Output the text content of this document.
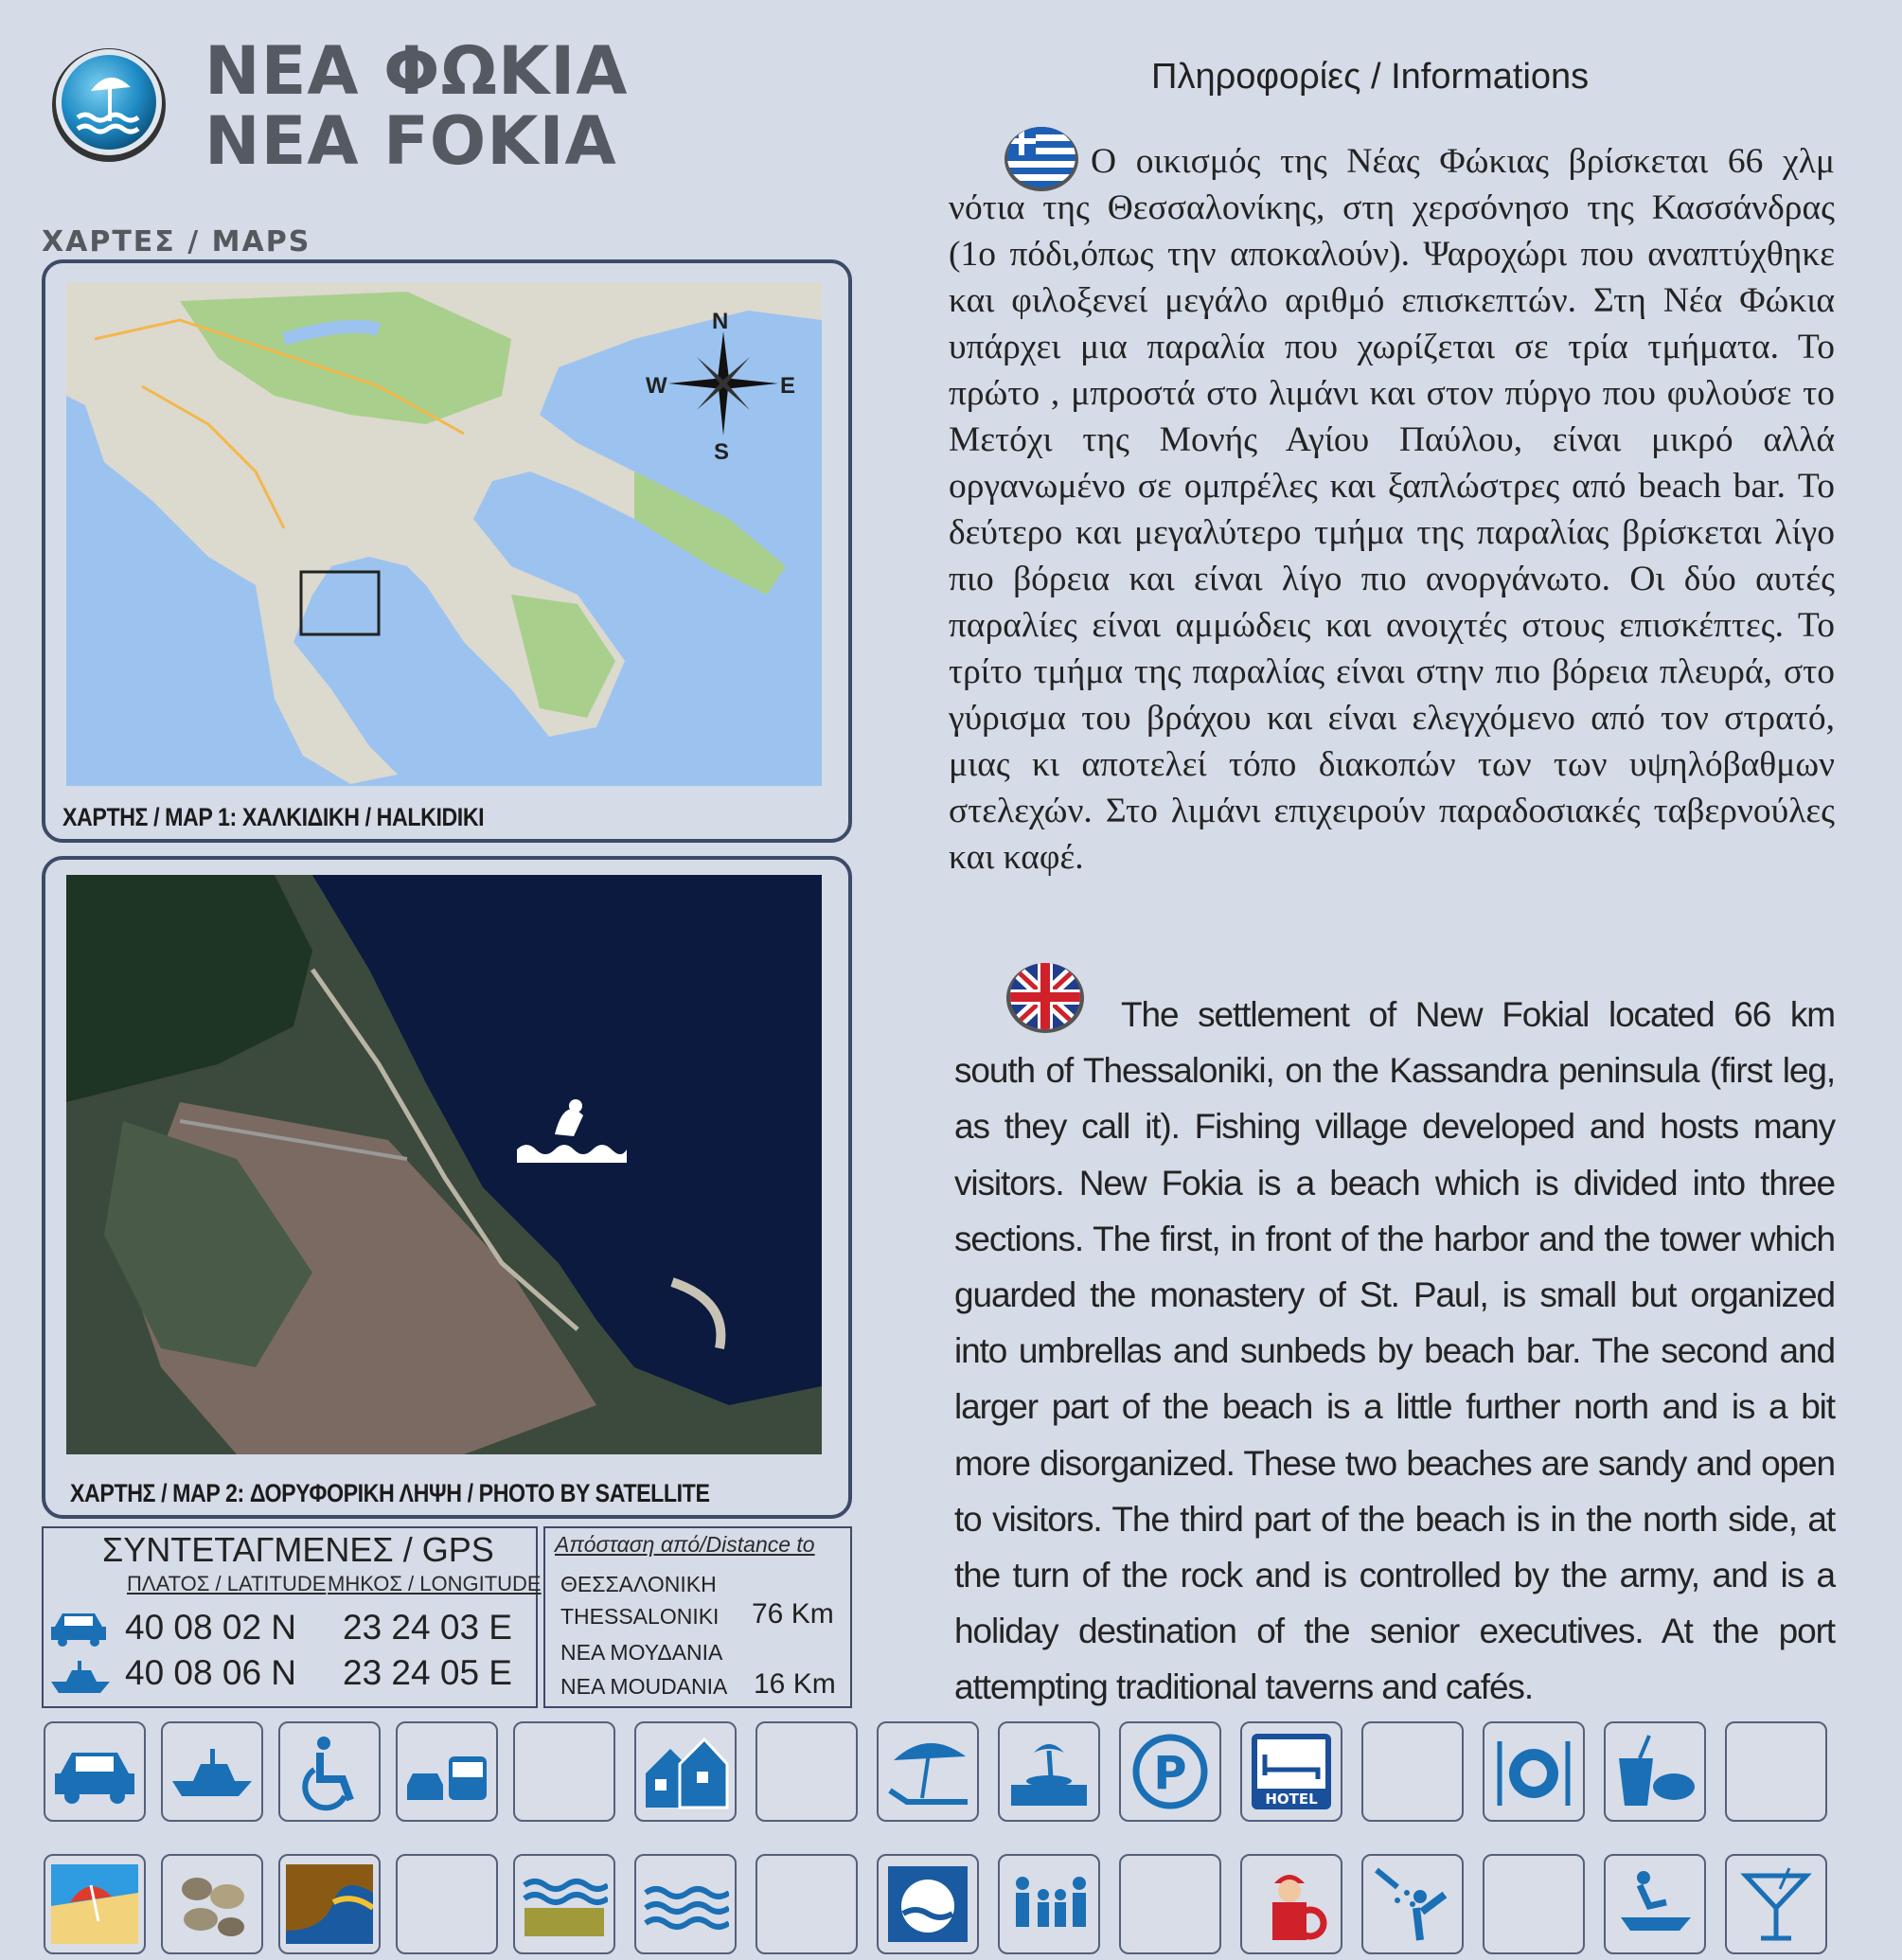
ΝΕΑ ΦΩΚΙΑ
NEA FOKIA
ΧΑΡΤΕΣ / MAPS
N
S
E
W
ΧΑΡΤΗΣ / MAP 1: ΧΑΛΚΙΔΙΚΗ / HALKIDIKI
ΧΑΡΤΗΣ / MAP 2: ΔΟΡΥΦΟΡΙΚΗ ΛΗΨΗ / PHOTO BY SATELLITE
ΣΥΝΤΕΤΑΓΜΕΝΕΣ / GPS
ΠΛΑΤΟΣ / LATITUDE ΜΗΚΟΣ / LONGITUDE
40 08 02 N 23 24 03 E
40 08 06 N 23 24 05 E
Απόσταση από/Distance to
ΘΕΣΣΑΛΟΝΙΚΗ
THESSALONIKI 76 Km
ΝΕΑ ΜΟΥΔΑΝΙΑ
NEA MOUDANIA 16 Km
Πληροφορίες / Informations

Ο οικισμός της Νέας Φώκιας βρίσκεται 66 χλμ νότια της Θεσσαλονίκης, στη χερσόνησο της Κασσάνδρας (1ο πόδι,όπως την αποκαλούν). Ψαροχώρι που αναπτύχθηκε και φιλοξενεί μεγάλο αριθμό επισκεπτών. Στη Νέα Φώκια υπάρχει μια παραλία που χωρίζεται σε τρία τμήματα. Το πρώτο , μπροστά στο λιμάνι και στον πύργο που φυλούσε το Μετόχι της Μονής Αγίου Παύλου, είναι μικρό αλλά οργανωμένο σε ομπρέλες και ξαπλώστρες από beach bar. Το δεύτερο και μεγαλύτερο τμήμα της παραλίας βρίσκεται λίγο πιο βόρεια και είναι λίγο πιο ανοργάνωτο. Οι δύο αυτές παραλίες είναι αμμώδεις και ανοιχτές στους επισκέπτες. Το τρίτο τμήμα της παραλίας είναι στην πιο βόρεια πλευρά, στο γύρισμα του βράχου και είναι ελεγχόμενο από τον στρατό, μιας κι αποτελεί τόπο διακοπών των των υψηλόβαθμων στελεχών. Στο λιμάνι επιχειρούν παραδοσιακές ταβερνούλες και καφέ.

The settlement of New Fokial located 66 km south of Thessaloniki, on the Kassandra peninsula (first leg, as they call it). Fishing village developed and hosts many visitors. New Fokia is a beach which is divided into three sections. The first, in front of the harbor and the tower which guarded the monastery of St. Paul, is small but organized into umbrellas and sunbeds by beach bar. The second and larger part of the beach is a little further north and is a bit more disorganized. These two beaches are sandy and open to visitors. The third part of the beach is in the north side, at the turn of the rock and is controlled by the army, and is a holiday destination of the senior executives. At the port attempting traditional taverns and cafés.

P	HOTEL
